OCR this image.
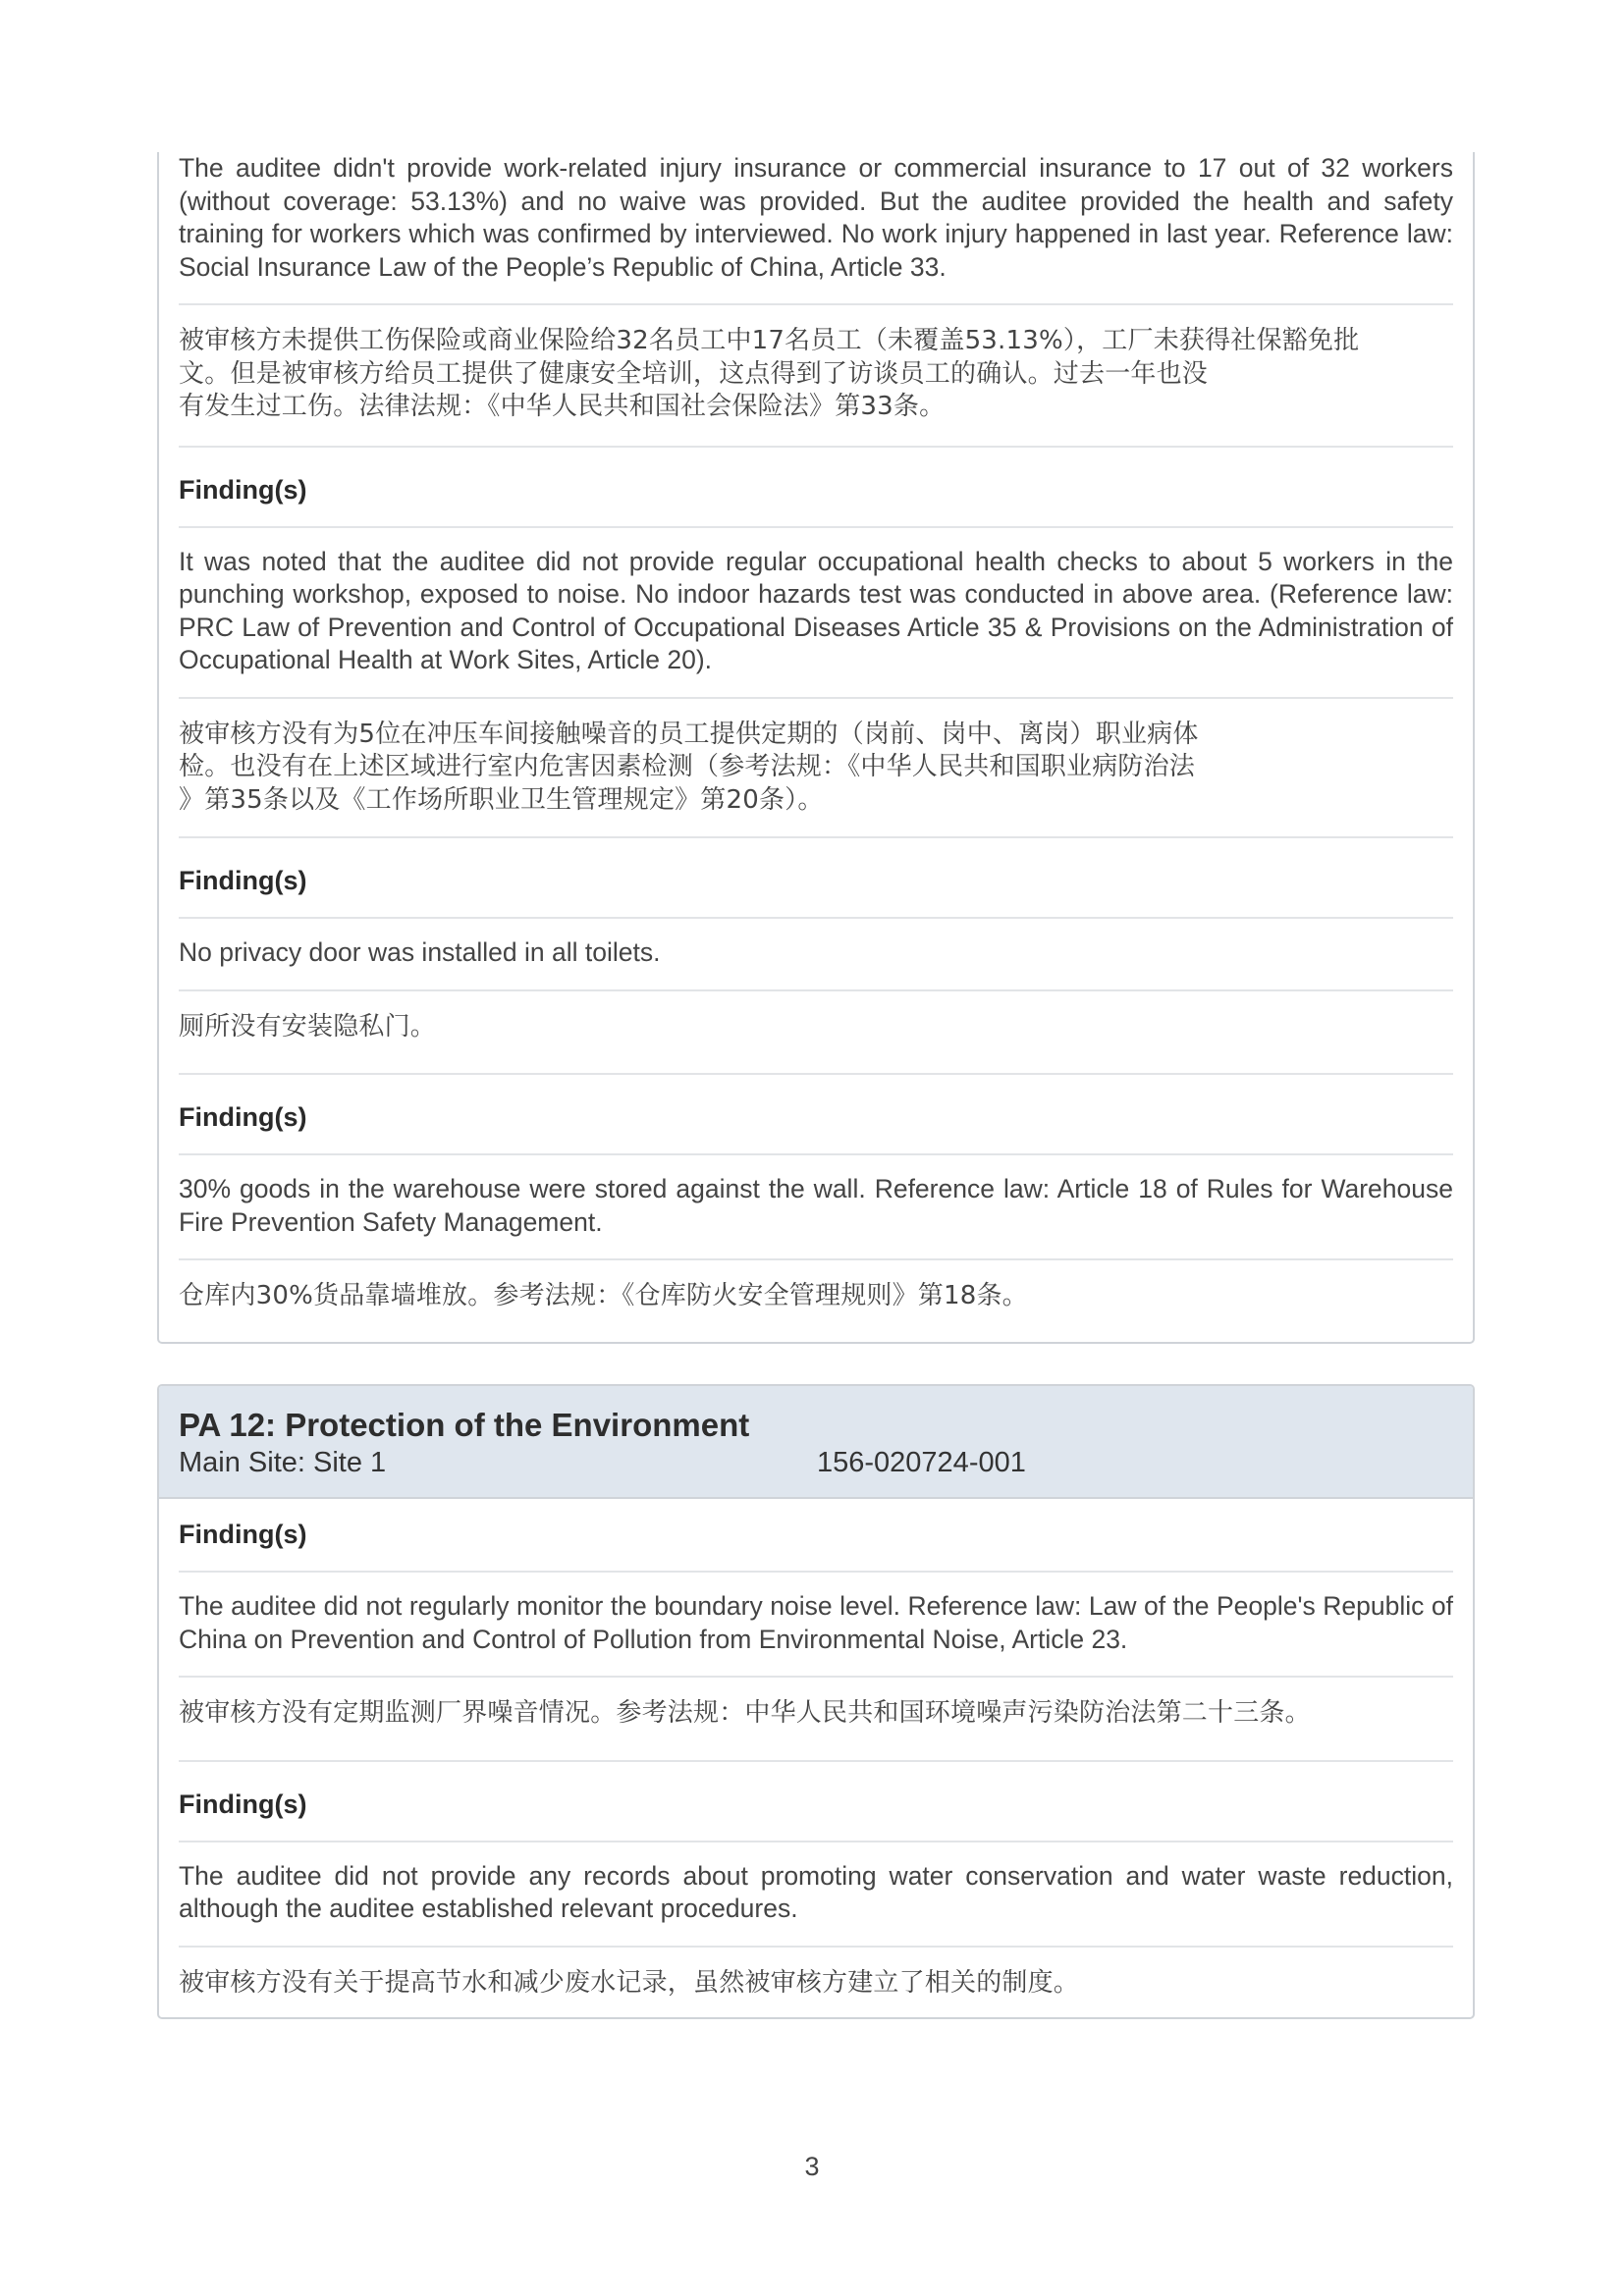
The auditee didn't provide work-related injury insurance or commercial insurance to 17 out of 32 workers (without coverage: 53.13%) and no waive was provided. But the auditee provided the health and safety training for workers which was confirmed by interviewed. No work injury happened in last year. Reference law: Social Insurance Law of the People’s Republic of China, Article 33.
被审核方未提供工伤保险或商业保险给32名员工中17名员工（未覆盖53.13%），工厂未获得社保豁免批
文。但是被审核方给员工提供了健康安全培训，这点得到了访谈员工的确认。过去一年也没
有发生过工伤。法律法规：《中华人民共和国社会保险法》第33条。
Finding(s)
It was noted that the auditee did not provide regular occupational health checks to about 5 workers in the punching workshop, exposed to noise. No indoor hazards test was conducted in above area. (Reference law: PRC Law of Prevention and Control of Occupational Diseases Article 35 & Provisions on the Administration of Occupational Health at Work Sites, Article 20).
被审核方没有为5位在冲压车间接触噪音的员工提供定期的（岗前、岗中、离岗）职业病体
检。也没有在上述区域进行室内危害因素检测（参考法规：《中华人民共和国职业病防治法
》第35条以及《工作场所职业卫生管理规定》第20条）。
Finding(s)
No privacy door was installed in all toilets.
厕所没有安装隐私门。
Finding(s)
30% goods in the warehouse were stored against the wall. Reference law: Article 18 of Rules for Warehouse Fire Prevention Safety Management.
仓库内30%货品靠墙堆放。参考法规：《仓库防火安全管理规则》第18条。
PA 12: Protection of the Environment
Main Site: Site 1	156-020724-001
Finding(s)
The auditee did not regularly monitor the boundary noise level. Reference law: Law of the People's Republic of China on Prevention and Control of Pollution from Environmental Noise, Article 23.
被审核方没有定期监测厂界噪音情况。参考法规：中华人民共和国环境噪声污染防治法第二十三条。
Finding(s)
The auditee did not provide any records about promoting water conservation and water waste reduction, although the auditee established relevant procedures.
被审核方没有关于提高节水和减少废水记录，虽然被审核方建立了相关的制度。
3
